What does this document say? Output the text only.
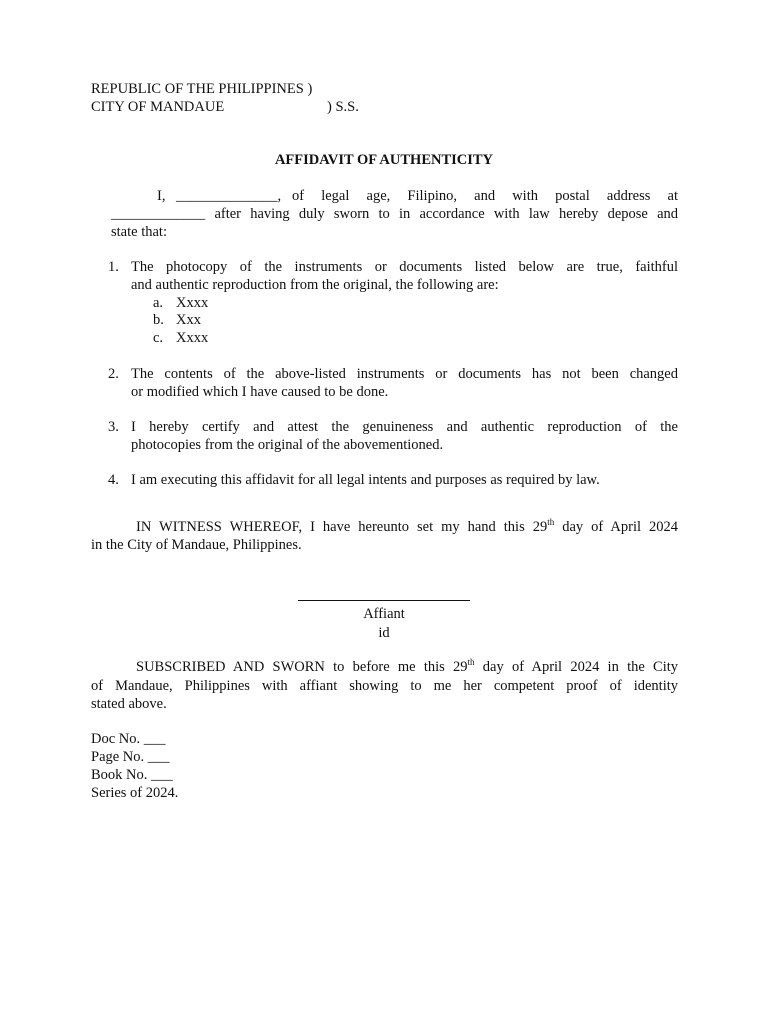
REPUBLIC OF THE PHILIPPINES )
CITY OF MANDAUE	) S.S.
AFFIDAVIT OF AUTHENTICITY
I, ______________, of legal age, Filipino, and with postal address at
_____________ after having duly sworn to in accordance with law hereby depose and
state that:
1. The photocopy of the instruments or documents listed below are true, faithful
and authentic reproduction from the original, the following are:
a. Xxxx
b. Xxx
c. Xxxx
2. The contents of the above-listed instruments or documents has not been changed
or modified which I have caused to be done.
3. I hereby certify and attest the genuineness and authentic reproduction of the
photocopies from the original of the abovementioned.
4. I am executing this affidavit for all legal intents and purposes as required by law.
IN WITNESS WHEREOF, I have hereunto set my hand this 29th day of April 2024
in the City of Mandaue, Philippines.
Affiant
id
SUBSCRIBED AND SWORN to before me this 29th day of April 2024 in the City
of Mandaue, Philippines with affiant showing to me her competent proof of identity
stated above.
Doc No. ___
Page No. ___
Book No. ___
Series of 2024.
